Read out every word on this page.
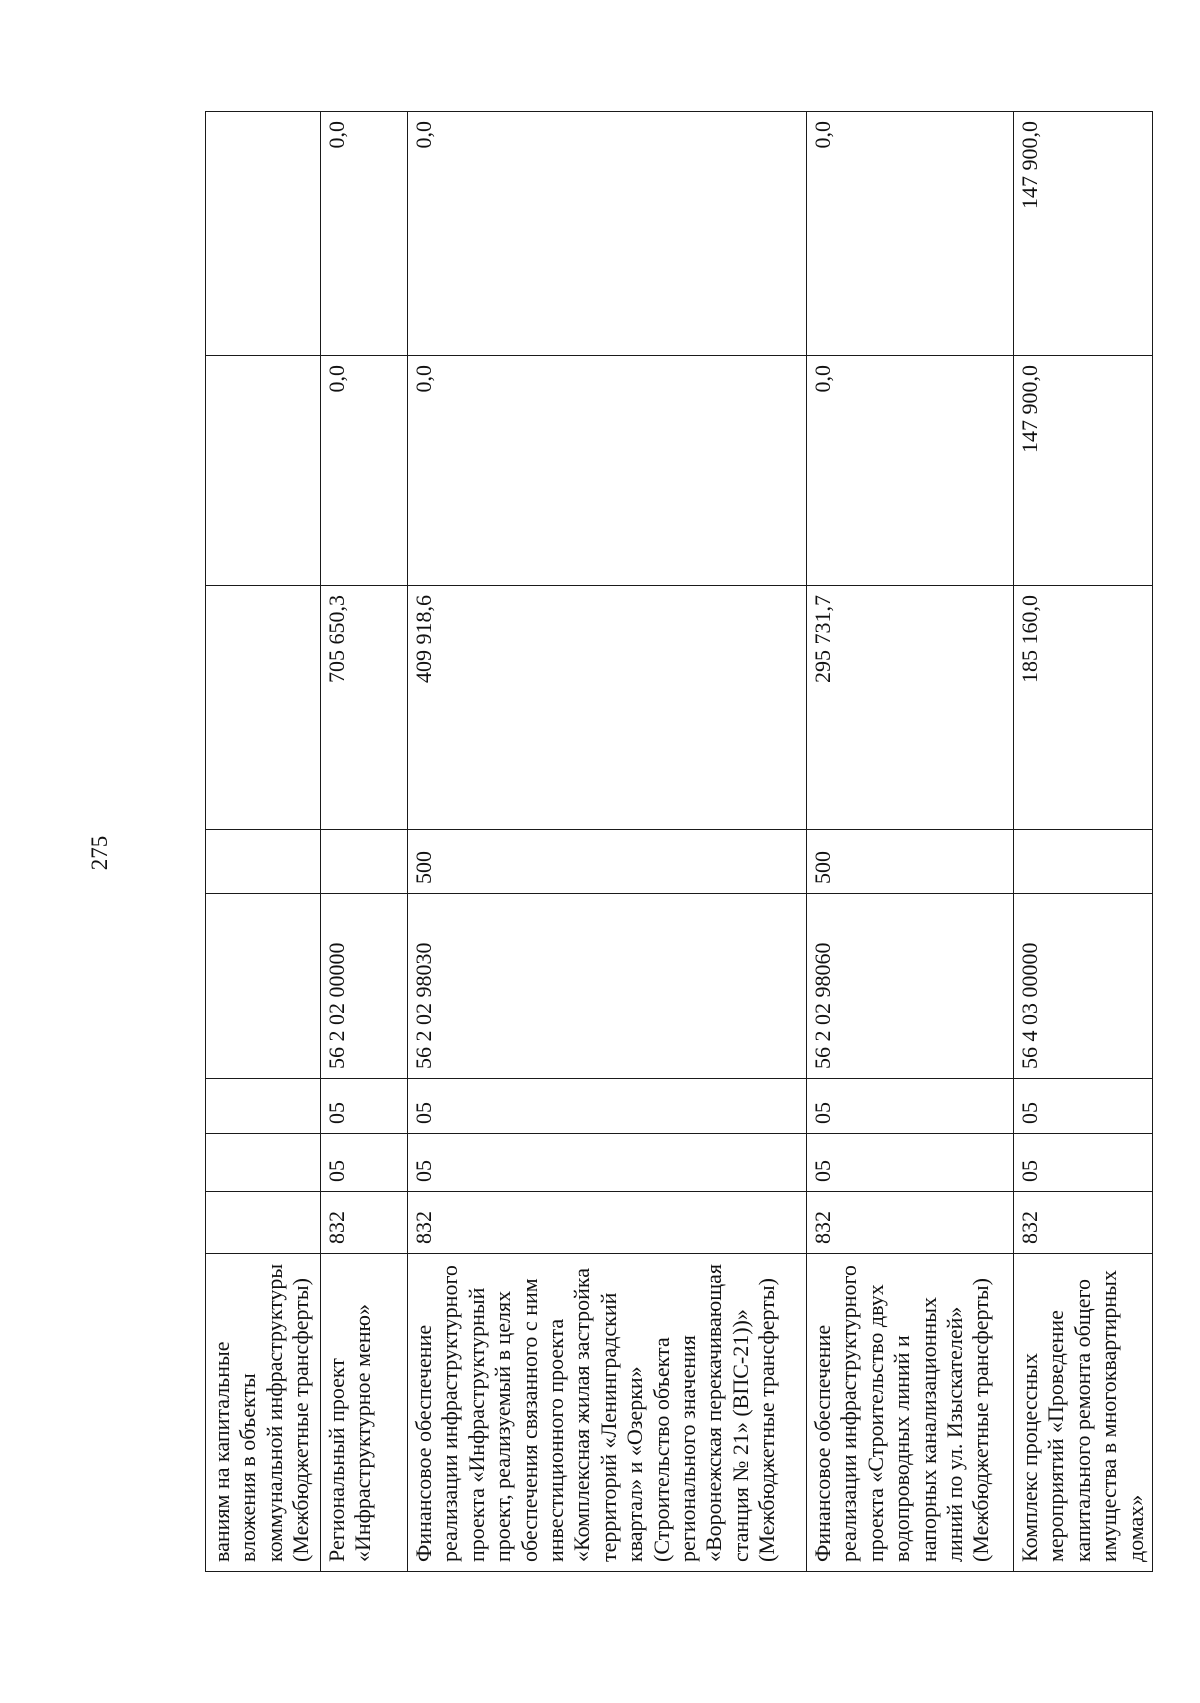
275
ваниям на капитальные вложения в объекты коммунальной инфраструктуры (Межбюджетные трансферты)								
Региональный проект «Инфраструктурное меню»	832	05	05	56 2 02 00000		705 650,3	0,0	0,0
Финансовое обеспечение реализации инфраструктурного проекта «Инфраструктурный проект, реализуемый в целях обеспечения связанного с ним инвестиционного проекта «Комплексная жилая застройка территорий «Ленинградский квартал» и «Озерки» (Строительство объекта регионального значения «Воронежская перекачивающая станция № 21» (ВПС-21))» (Межбюджетные трансферты)	832	05	05	56 2 02 98030	500	409 918,6	0,0	0,0
Финансовое обеспечение реализации инфраструктурного проекта «Строительство двух водопроводных линий и напорных канализационных линий по ул. Изыскателей» (Межбюджетные трансферты)	832	05	05	56 2 02 98060	500	295 731,7	0,0	0,0
Комплекс процессных мероприятий «Проведение капитального ремонта общего имущества в многоквартирных домах»	832	05	05	56 4 03 00000		185 160,0	147 900,0	147 900,0
